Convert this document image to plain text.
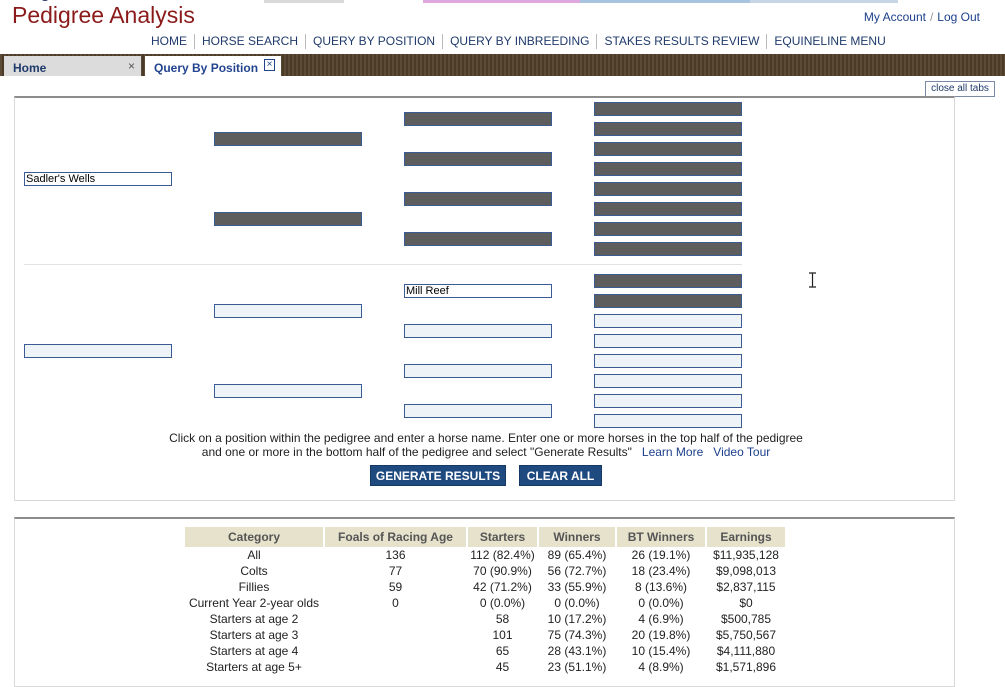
Pedigree Analysis	My Account / Log Out
HOME HORSE SEARCH QUERY BY POSITION QUERY BY INBREEDING STAKES RESULTS REVIEW EQUINELINE MENU
Home	×	Query By Position ×
close all tabs
Sadler's Wells
Mill Reef
Click on a position within the pedigree and enter a horse name. Enter one or more horses in the top half of the pedigree
and one or more in the bottom half of the pedigree and select "Generate Results" Learn More Video Tour
GENERATE RESULTS	CLEAR ALL
Category	Foals of Racing Age	Starters	Winners	BT Winners	Earnings
All	136	112 (82.4%)	89 (65.4%)	26 (19.1%)	$11,935,128
Colts	77	70 (90.9%)	56 (72.7%)	18 (23.4%)	$9,098,013
Fillies	59	42 (71.2%)	33 (55.9%)	8 (13.6%)	$2,837,115
Current Year 2-year olds	0	0 (0.0%)	0 (0.0%)	0 (0.0%)	$0
Starters at age 2		58	10 (17.2%)	4 (6.9%)	$500,785
Starters at age 3		101	75 (74.3%)	20 (19.8%)	$5,750,567
Starters at age 4		65	28 (43.1%)	10 (15.4%)	$4,111,880
Starters at age 5+		45	23 (51.1%)	4 (8.9%)	$1,571,896
